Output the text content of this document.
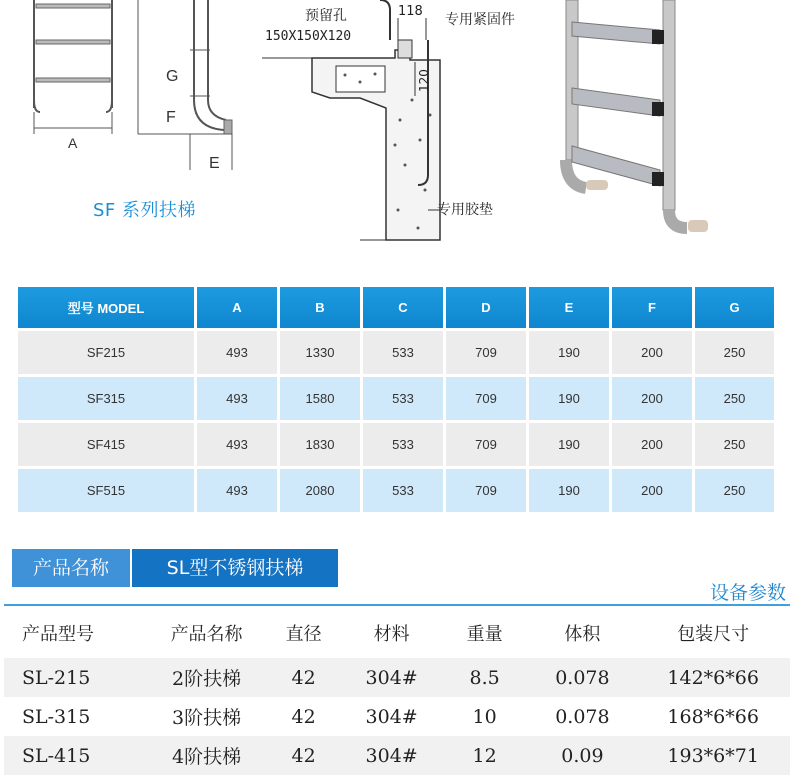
A
G
F
E
预留孔
150X150X120
118
专用紧固件
120
专用胶垫
SF 系列扶梯
型号 MODEL	A	B	C	D	E	F	G
SF215	493	1330	533	709	190	200	250
SF315	493	1580	533	709	190	200	250
SF415	493	1830	533	709	190	200	250
SF515	493	2080	533	709	190	200	250
产品名称	SL型不锈钢扶梯
设备参数
产品型号	产品名称	直径	材料	重量	体积	包装尺寸
SL-215	2阶扶梯	42	304#	8.5	0.078	142*6*66
SL-315	3阶扶梯	42	304#	10	0.078	168*6*66
SL-415	4阶扶梯	42	304#	12	0.09	193*6*71
